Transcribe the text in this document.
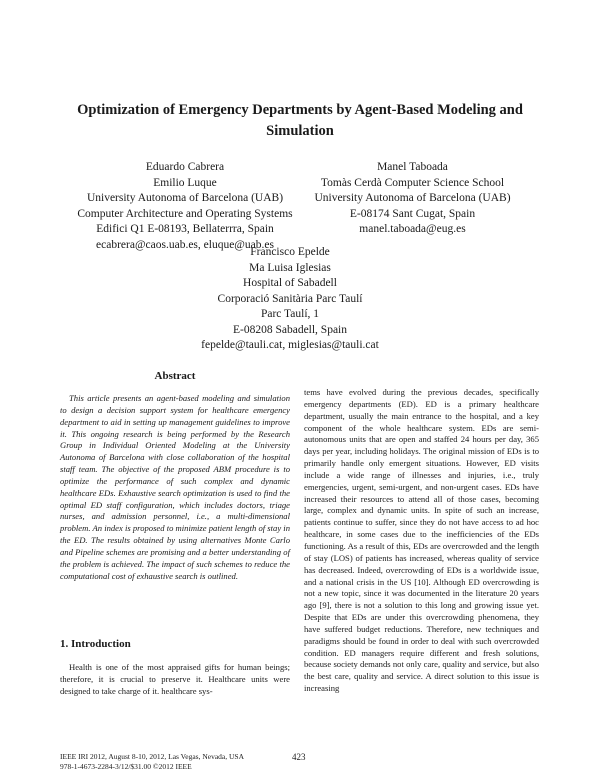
Optimization of Emergency Departments by Agent-Based Modeling and
Simulation
Eduardo Cabrera
Emilio Luque
University Autonoma of Barcelona (UAB)
Computer Architecture and Operating Systems
Edifici Q1 E-08193, Bellaterrra, Spain
ecabrera@caos.uab.es, eluque@uab.es
Manel Taboada
Tomàs Cerdà Computer Science School
University Autonoma of Barcelona (UAB)
E-08174 Sant Cugat, Spain
manel.taboada@eug.es
Francisco Epelde
Ma Luisa Iglesias
Hospital of Sabadell
Corporació Sanitària Parc Taulí
Parc Taulí, 1
E-08208 Sabadell, Spain
fepelde@tauli.cat, miglesias@tauli.cat
Abstract
This article presents an agent-based modeling and simulation to design a decision support system for healthcare emergency department to aid in setting up management guidelines to improve it. This ongoing research is being performed by the Research Group in Individual Oriented Modeling at the University Autonoma of Barcelona with close collaboration of the hospital staff team. The objective of the proposed ABM procedure is to optimize the performance of such complex and dynamic healthcare EDs. Exhaustive search optimization is used to find the optimal ED staff configuration, which includes doctors, triage nurses, and admission personnel, i.e., a multi-dimensional problem. An index is proposed to minimize patient length of stay in the ED. The results obtained by using alternatives Monte Carlo and Pipeline schemes are promising and a better understanding of the problem is achieved. The impact of such schemes to reduce the computational cost of exhaustive search is outlined.
1. Introduction
Health is one of the most appraised gifts for human beings; therefore, it is crucial to preserve it. Healthcare units were designed to take charge of it. healthcare sys-

tems have evolved during the previous decades, specifically emergency departments (ED). ED is a primary healthcare department, usually the main entrance to the hospital, and a key component of the whole healthcare system. EDs are semi-autonomous units that are open and staffed 24 hours per day, 365 days per year, including holidays. The original mission of EDs is to primarily handle only emergent situations. However, ED visits include a wide range of illnesses and injuries, i.e., truly emergencies, urgent, semi-urgent, and non-urgent cases. EDs have increased their resources to attend all of those cases, becoming large, complex and dynamic units. In spite of such an increase, patients continue to suffer, since they do not have access to ad hoc healthcare, in some cases due to the inefficiencies of the EDs functioning. As a result of this, EDs are overcrowded and the length of stay (LOS) of patients has increased, whereas quality of service has decreased. Indeed, overcrowding of EDs is a worldwide issue, and a national crisis in the US [10]. Although ED overcrowding is not a new topic, since it was documented in the literature 20 years ago [9], there is not a solution to this long and growing issue yet. Despite that EDs are under this overcrowding phenomena, they have suffered budget reductions. Therefore, new techniques and paradigms should be found in order to deal with such overcrowded condition. ED managers require different and fresh solutions, because society demands not only care, quality and service, but also the best care, quality and service. A direct solution to this issue is increasing

IEEE IRI 2012, August 8-10, 2012, Las Vegas, Nevada, USA
978-1-4673-2284-3/12/$31.00 ©2012 IEEE
423
